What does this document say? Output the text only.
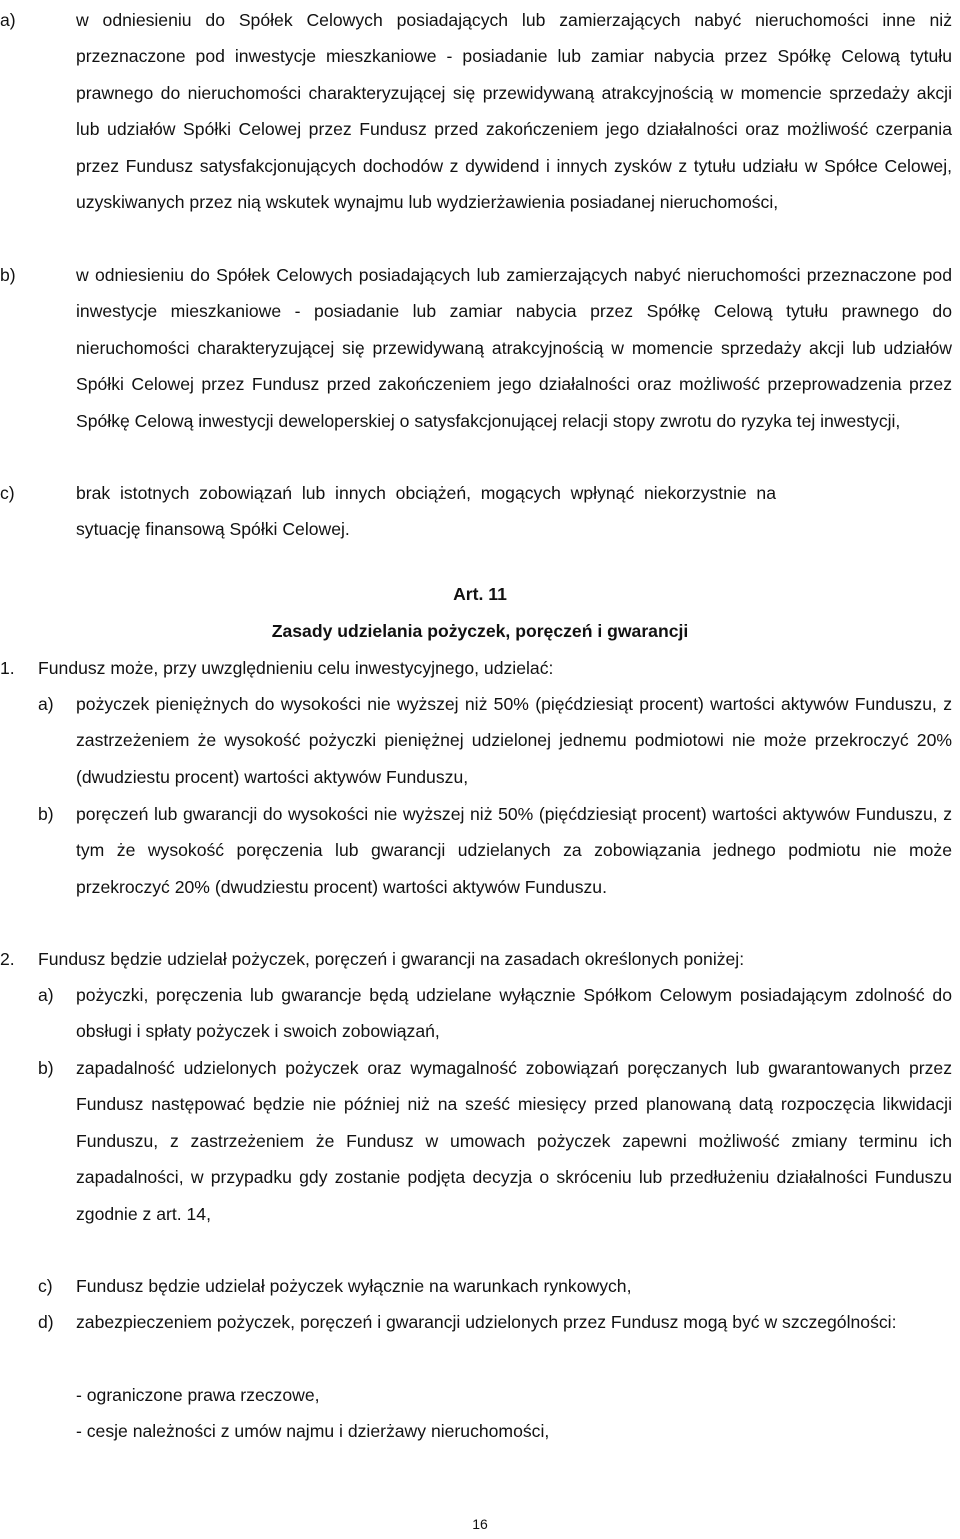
a)	w odniesieniu do Spółek Celowych posiadających lub zamierzających nabyć nieruchomości inne niż przeznaczone pod inwestycje mieszkaniowe - posiadanie lub zamiar nabycia przez Spółkę Celową tytułu prawnego do nieruchomości charakteryzującej się przewidywaną atrakcyjnością w momencie sprzedaży akcji lub udziałów Spółki Celowej przez Fundusz przed zakończeniem jego działalności oraz możliwość czerpania przez Fundusz satysfakcjonujących dochodów z dywidend i innych zysków z tytułu udziału w Spółce Celowej, uzyskiwanych przez nią wskutek wynajmu lub wydzierżawienia posiadanej nieruchomości,
b)	w odniesieniu do Spółek Celowych posiadających lub zamierzających nabyć nieruchomości przeznaczone pod inwestycje mieszkaniowe - posiadanie lub zamiar nabycia przez Spółkę Celową tytułu prawnego do nieruchomości charakteryzującej się przewidywaną atrakcyjnością w momencie sprzedaży akcji lub udziałów Spółki Celowej przez Fundusz przed zakończeniem jego działalności oraz możliwość przeprowadzenia przez Spółkę Celową inwestycji deweloperskiej o satysfakcjonującej relacji stopy zwrotu do ryzyka tej inwestycji,
c)	brak istotnych zobowiązań lub innych obciążeń, mogących wpłynąć niekorzystnie na sytuację finansową Spółki Celowej.
Art. 11
Zasady udzielania pożyczek, poręczeń i gwarancji
1. Fundusz może, przy uwzględnieniu celu inwestycyjnego, udzielać:
a) pożyczek pieniężnych do wysokości nie wyższej niż 50% (pięćdziesiąt procent) wartości aktywów Funduszu, z zastrzeżeniem że wysokość pożyczki pieniężnej udzielonej jednemu podmiotowi nie może przekroczyć 20% (dwudziestu procent) wartości aktywów Funduszu,
b) poręczeń lub gwarancji do wysokości nie wyższej niż 50% (pięćdziesiąt procent) wartości aktywów Funduszu, z tym że wysokość poręczenia lub gwarancji udzielanych za zobowiązania jednego podmiotu nie może przekroczyć 20% (dwudziestu procent) wartości aktywów Funduszu.
2. Fundusz będzie udzielał pożyczek, poręczeń i gwarancji na zasadach określonych poniżej:
a) pożyczki, poręczenia lub gwarancje będą udzielane wyłącznie Spółkom Celowym posiadającym zdolność do obsługi i spłaty pożyczek i swoich zobowiązań,
b) zapadalność udzielonych pożyczek oraz wymagalność zobowiązań poręczanych lub gwarantowanych przez Fundusz następować będzie nie później niż na sześć miesięcy przed planowaną datą rozpoczęcia likwidacji Funduszu, z zastrzeżeniem że Fundusz w umowach pożyczek zapewni możliwość zmiany terminu ich zapadalności, w przypadku gdy zostanie podjęta decyzja o skróceniu lub przedłużeniu działalności Funduszu zgodnie z art. 14,
c) Fundusz będzie udzielał pożyczek wyłącznie na warunkach rynkowych,
d) zabezpieczeniem pożyczek, poręczeń i gwarancji udzielonych przez Fundusz mogą być w szczególności:
- ograniczone prawa rzeczowe,
- cesje należności z umów najmu i dzierżawy nieruchomości,
16
